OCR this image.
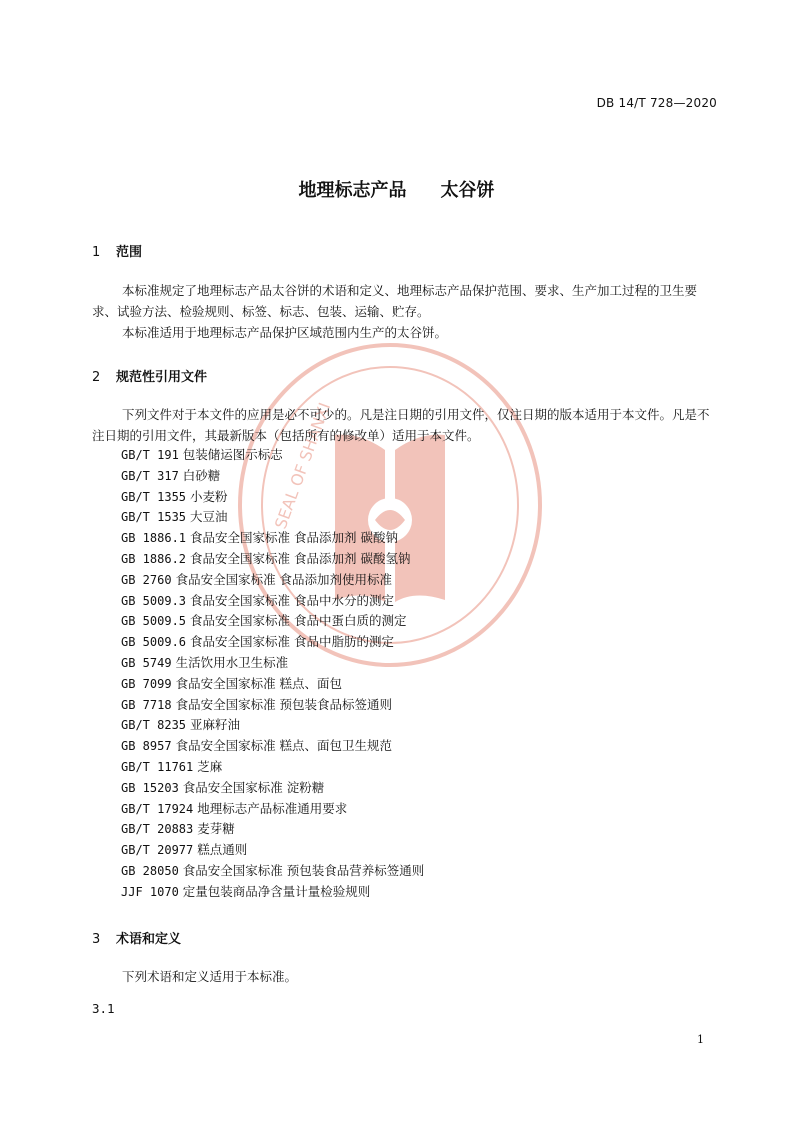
SEAL OF SHANXI
DB 14/T 728—2020
地理标志产品 太谷饼
1 范围
本标准规定了地理标志产品太谷饼的术语和定义、地理标志产品保护范围、要求、生产加工过程的卫生要求、试验方法、检验规则、标签、标志、包装、运输、贮存。
本标准适用于地理标志产品保护区域范围内生产的太谷饼。
2 规范性引用文件
下列文件对于本文件的应用是必不可少的。凡是注日期的引用文件，仅注日期的版本适用于本文件。凡是不注日期的引用文件，其最新版本（包括所有的修改单）适用于本文件。
GB/T 191 包装储运图示标志
GB/T 317 白砂糖
GB/T 1355 小麦粉
GB/T 1535 大豆油
GB 1886.1 食品安全国家标准 食品添加剂 碳酸钠
GB 1886.2 食品安全国家标准 食品添加剂 碳酸氢钠
GB 2760 食品安全国家标准 食品添加剂使用标准
GB 5009.3 食品安全国家标准 食品中水分的测定
GB 5009.5 食品安全国家标准 食品中蛋白质的测定
GB 5009.6 食品安全国家标准 食品中脂肪的测定
GB 5749 生活饮用水卫生标准
GB 7099 食品安全国家标准 糕点、面包
GB 7718 食品安全国家标准 预包装食品标签通则
GB/T 8235 亚麻籽油
GB 8957 食品安全国家标准 糕点、面包卫生规范
GB/T 11761 芝麻
GB 15203 食品安全国家标准 淀粉糖
GB/T 17924 地理标志产品标准通用要求
GB/T 20883 麦芽糖
GB/T 20977 糕点通则
GB 28050 食品安全国家标准 预包装食品营养标签通则
JJF 1070 定量包装商品净含量计量检验规则
3 术语和定义
下列术语和定义适用于本标准。
3.1
1
